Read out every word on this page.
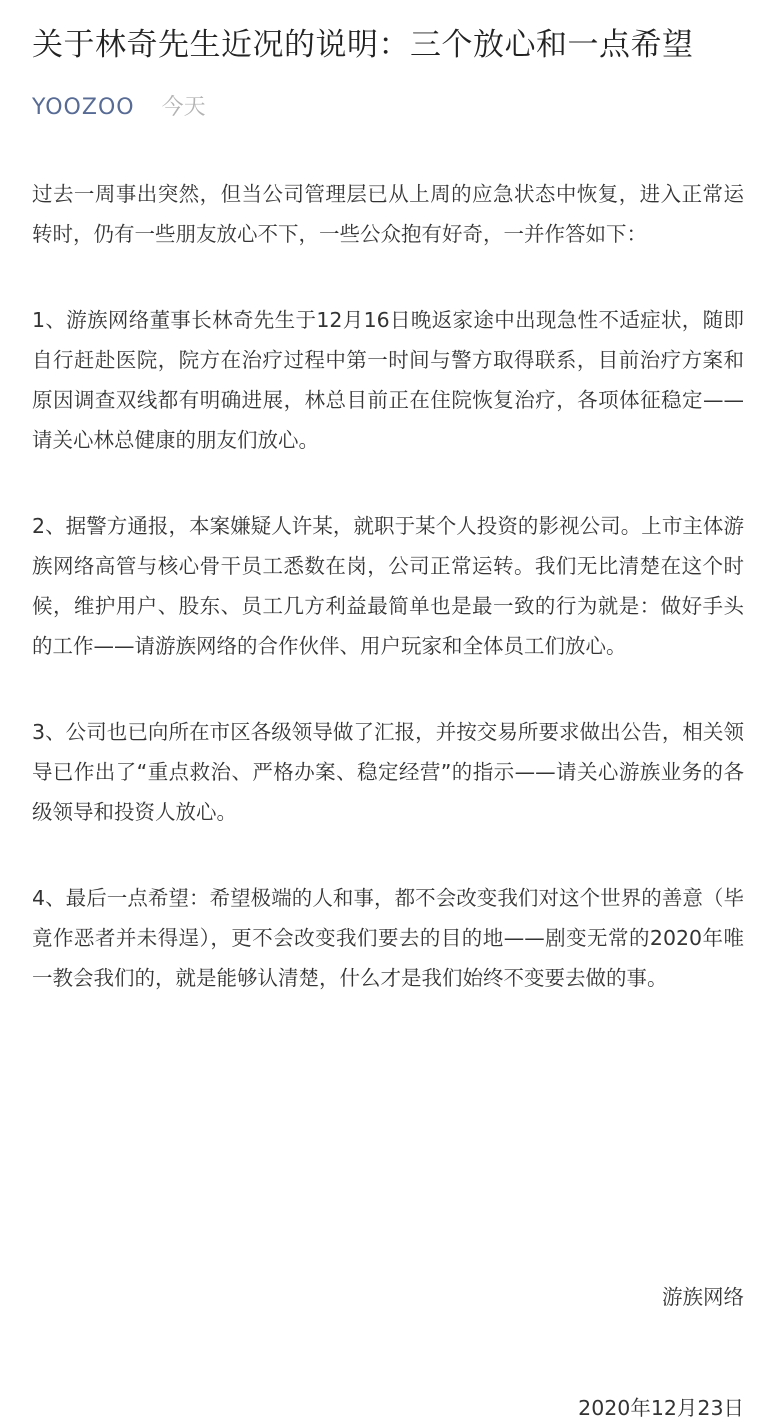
关于林奇先生近况的说明：三个放心和一点希望
YOOZOO 今天

过去一周事出突然，但当公司管理层已从上周的应急状态中恢复，进入正常运转时，仍有一些朋友放心不下，一些公众抱有好奇，一并作答如下：

1、游族网络董事长林奇先生于12月16日晚返家途中出现急性不适症状，随即自行赶赴医院，院方在治疗过程中第一时间与警方取得联系，目前治疗方案和原因调查双线都有明确进展，林总目前正在住院恢复治疗，各项体征稳定——请关心林总健康的朋友们放心。

2、据警方通报，本案嫌疑人许某，就职于某个人投资的影视公司。上市主体游族网络高管与核心骨干员工悉数在岗，公司正常运转。我们无比清楚在这个时候，维护用户、股东、员工几方利益最简单也是最一致的行为就是：做好手头的工作——请游族网络的合作伙伴、用户玩家和全体员工们放心。

3、公司也已向所在市区各级领导做了汇报，并按交易所要求做出公告，相关领导已作出了“重点救治、严格办案、稳定经营”的指示——请关心游族业务的各级领导和投资人放心。

4、最后一点希望：希望极端的人和事，都不会改变我们对这个世界的善意（毕竟作恶者并未得逞），更不会改变我们要去的目的地——剧变无常的2020年唯一教会我们的，就是能够认清楚，什么才是我们始终不变要去做的事。

游族网络
2020年12月23日
